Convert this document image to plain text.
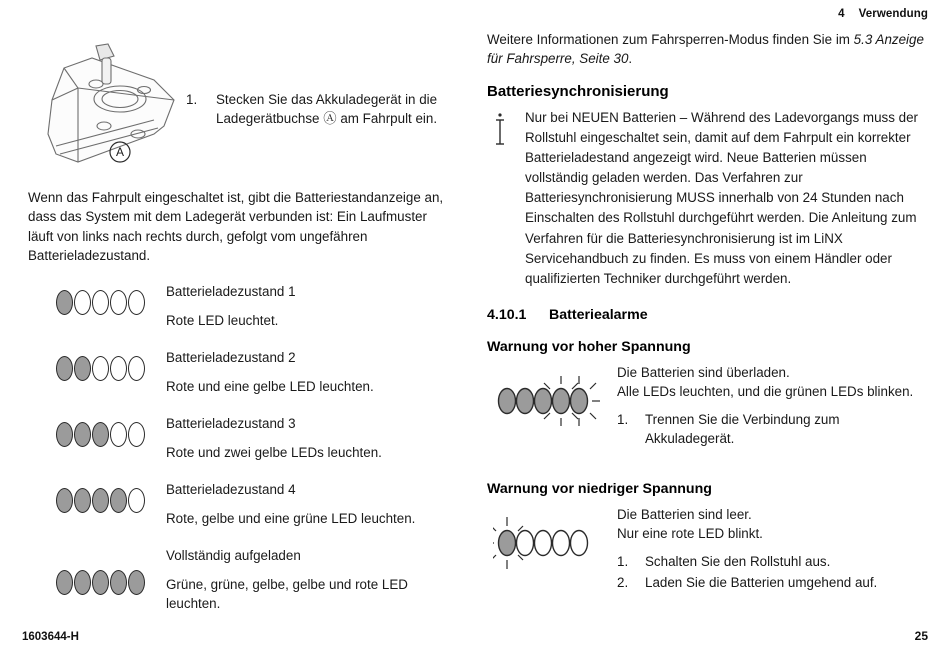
4 Verwendung
A
1.	Stecken Sie das Akkuladegerät in die Ladegerätbuchse Ⓐ am Fahrpult ein.

Wenn das Fahrpult eingeschaltet ist, gibt die Batteriestandanzeige an, dass das System mit dem Ladegerät verbunden ist: Ein Laufmuster läuft von links nach rechts durch, gefolgt vom ungefähren Batterieladezustand.

Batterieladezustand 1
Rote LED leuchtet.
Batterieladezustand 2
Rote und eine gelbe LED leuchten.
Batterieladezustand 3
Rote und zwei gelbe LEDs leuchten.
Batterieladezustand 4
Rote, gelbe und eine grüne LED leuchten.
Vollständig aufgeladen
Grüne, grüne, gelbe, gelbe und rote LED leuchten.

Weitere Informationen zum Fahrsperren-Modus finden Sie im 5.3 Anzeige für Fahrsperre, Seite 30.

Batteriesynchronisierung
Nur bei NEUEN Batterien – Während des Ladevorgangs muss der Rollstuhl eingeschaltet sein, damit auf dem Fahrpult ein korrekter Batterieladestand angezeigt wird. Neue Batterien müssen vollständig geladen werden. Das Verfahren zur Batteriesynchronisierung MUSS innerhalb von 24 Stunden nach Einschalten des Rollstuhl durchgeführt werden. Die Anleitung zum Verfahren für die Batteriesynchronisierung ist im LiNX Servicehandbuch zu finden. Es muss von einem Händler oder qualifizierten Techniker durchgeführt werden.
4.10.1	Batteriealarme
Warnung vor hoher Spannung
Die Batterien sind überladen.
Alle LEDs leuchten, und die grünen LEDs blinken.
1.	Trennen Sie die Verbindung zum Akkuladegerät.
Warnung vor niedriger Spannung
Die Batterien sind leer.
Nur eine rote LED blinkt.
1.	Schalten Sie den Rollstuhl aus.
2.	Laden Sie die Batterien umgehend auf.
1603644-H	25
